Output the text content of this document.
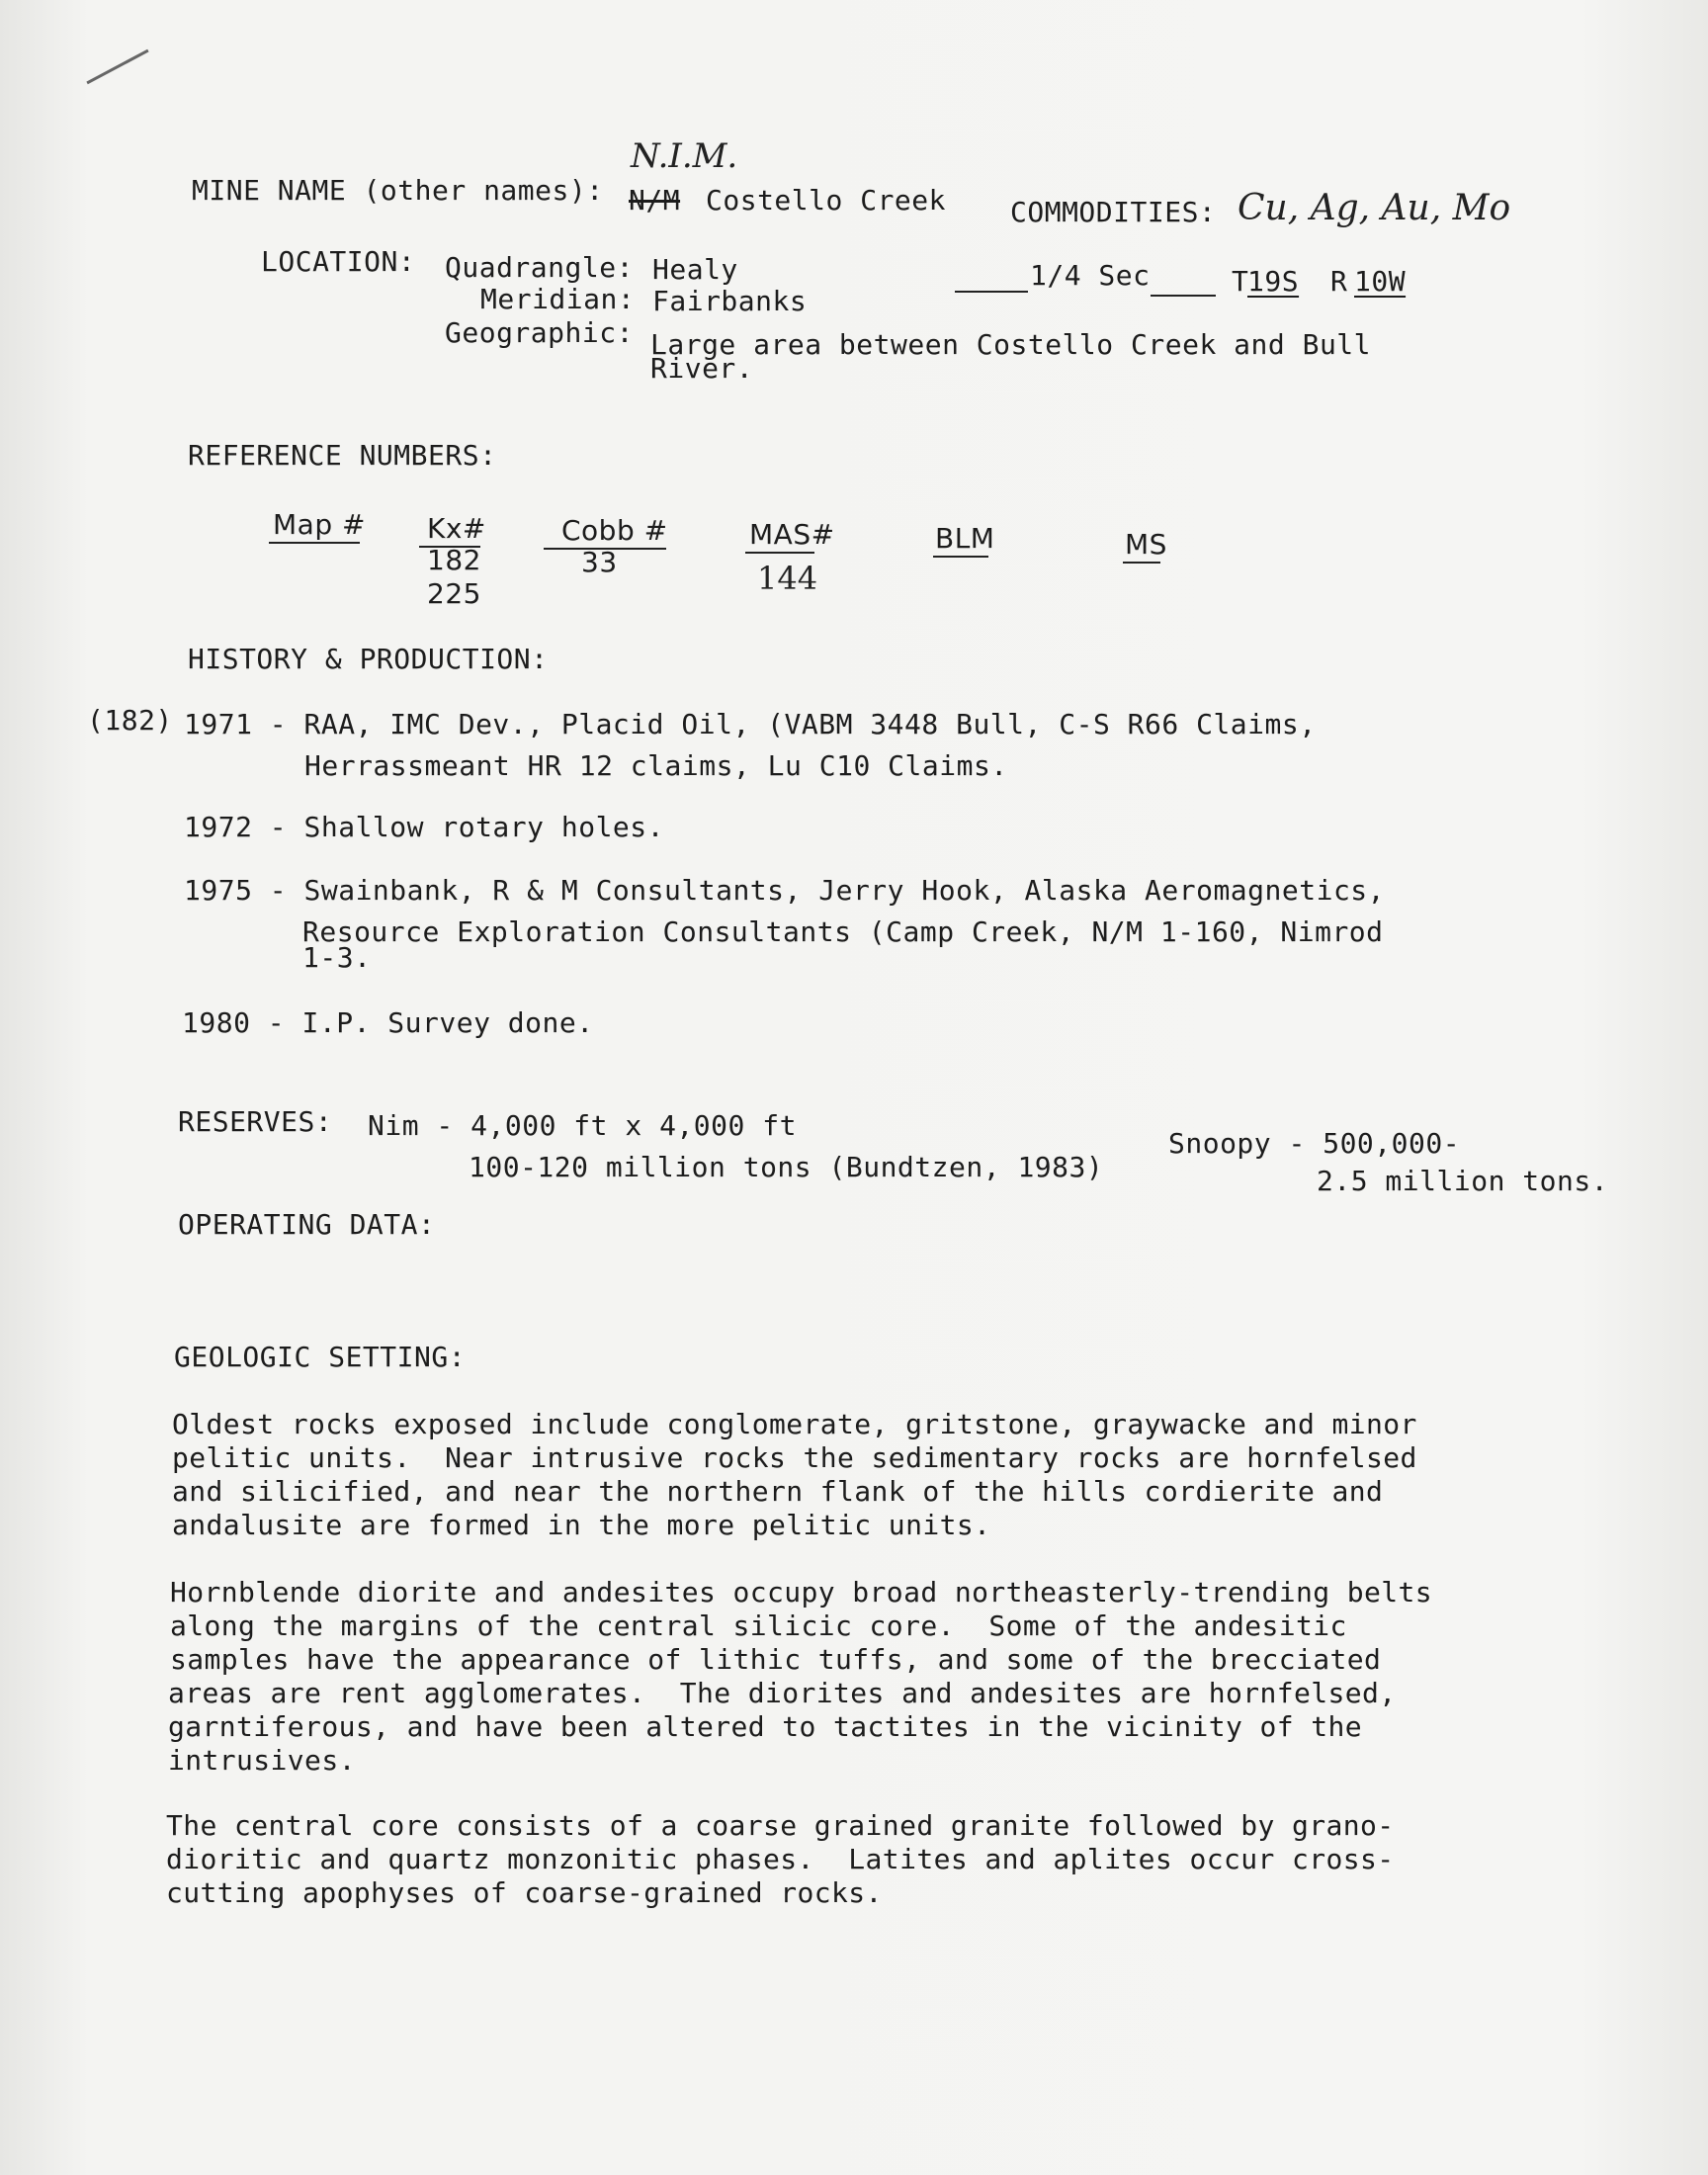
N.I.M.
MINE NAME (other names): N/M Costello Creek COMMODITIES: Cu, Ag, Au, Mo
LOCATION: Quadrangle: Healy
Meridian: Fairbanks
Geographic: Large area between Costello Creek and Bull
River.
1/4 Sec	T
19S R 10W
REFERENCE NUMBERS:
Map # Kx#
182
225
Cobb #
33
MAS#
144
BLM	MS
HISTORY & PRODUCTION:
(182) 1971 - RAA, IMC Dev., Placid Oil, (VABM 3448 Bull, C-S R66 Claims,
Herrassmeant HR 12 claims, Lu C10 Claims.
1972 - Shallow rotary holes.
1975 - Swainbank, R & M Consultants, Jerry Hook, Alaska Aeromagnetics,
Resource Exploration Consultants (Camp Creek, N/M 1-160, Nimrod
1-3.
1980 - I.P. Survey done.
RESERVES: Nim - 4,000 ft x 4,000 ft
100-120 million tons (Bundtzen, 1983)
Snoopy - 500,000-
2.5 million tons.
OPERATING DATA:
GEOLOGIC SETTING:
Oldest rocks exposed include conglomerate, gritstone, graywacke and minor
pelitic units.  Near intrusive rocks the sedimentary rocks are hornfelsed
and silicified, and near the northern flank of the hills cordierite and
andalusite are formed in the more pelitic units.
Hornblende diorite and andesites occupy broad northeasterly-trending belts
along the margins of the central silicic core.  Some of the andesitic
samples have the appearance of lithic tuffs, and some of the brecciated
areas are rent agglomerates.  The diorites and andesites are hornfelsed,
garntiferous, and have been altered to tactites in the vicinity of the
intrusives.
The central core consists of a coarse grained granite followed by grano-
dioritic and quartz monzonitic phases.  Latites and aplites occur cross-
cutting apophyses of coarse-grained rocks.
